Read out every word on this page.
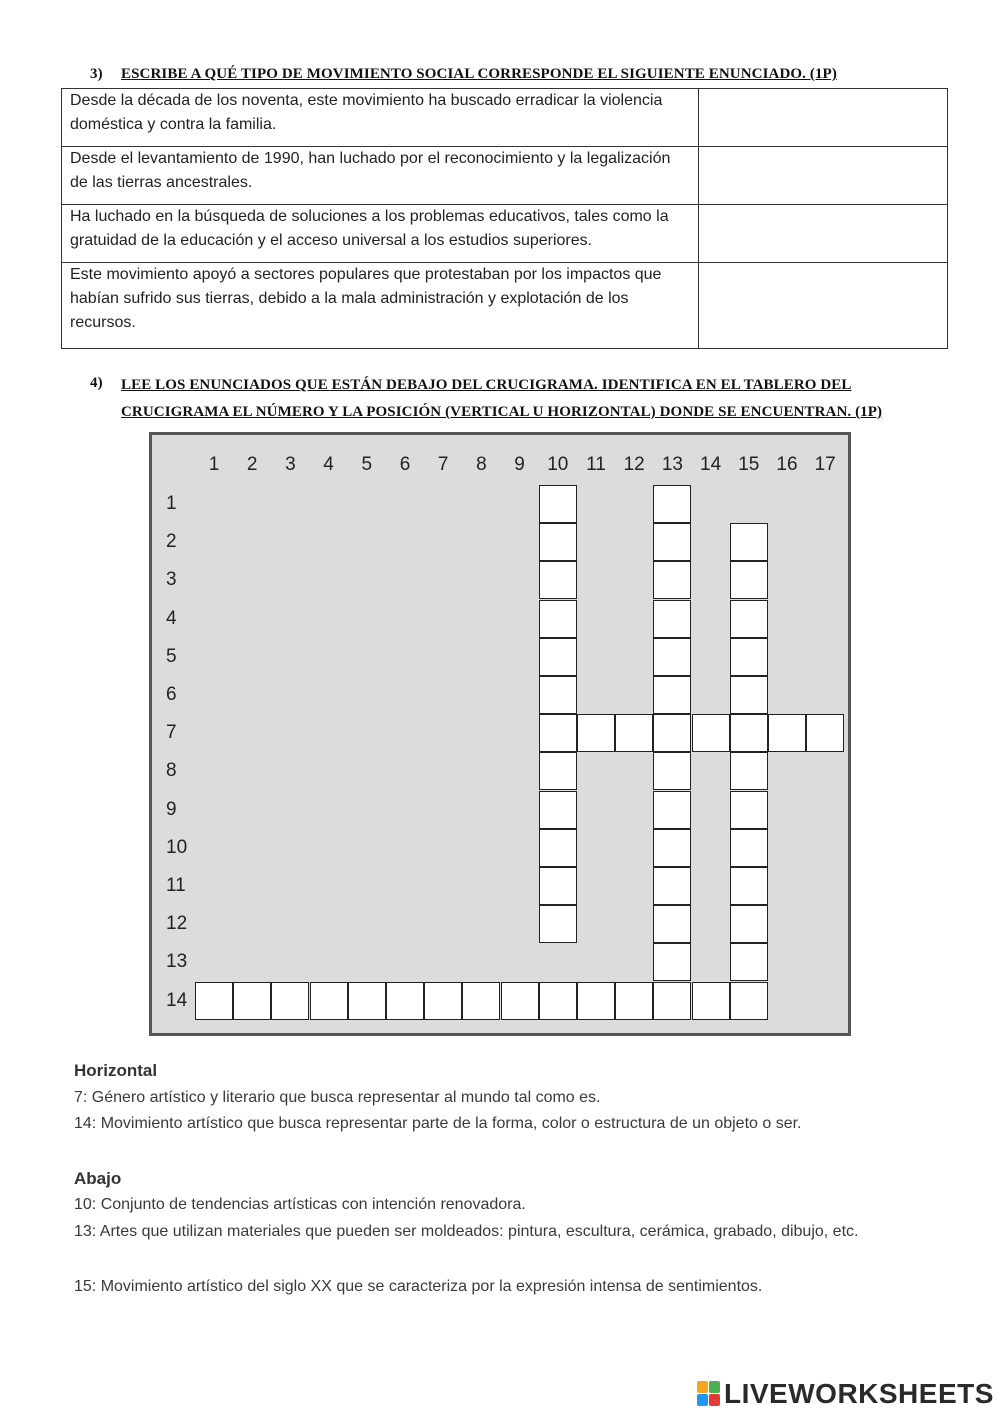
3) ESCRIBE A QUÉ TIPO DE MOVIMIENTO SOCIAL CORRESPONDE EL SIGUIENTE ENUNCIADO. (1P)
Desde la década de los noventa, este movimiento ha buscado erradicar la violencia doméstica y contra la familia.	
Desde el levantamiento de 1990, han luchado por el reconocimiento y la legalización de las tierras ancestrales.	
Ha luchado en la búsqueda de soluciones a los problemas educativos, tales como la gratuidad de la educación y el acceso universal a los estudios superiores.	
Este movimiento apoyó a sectores populares que protestaban por los impactos que habían sufrido sus tierras, debido a la mala administración y explotación de los recursos.	
4) LEE LOS ENUNCIADOS QUE ESTÁN DEBAJO DEL CRUCIGRAMA. IDENTIFICA EN EL TABLERO DEL CRUCIGRAMA EL NÚMERO Y LA POSICIÓN (VERTICAL U HORIZONTAL) DONDE SE ENCUENTRAN. (1P)
1	2	3	4	5	6	7	8	9	10 11 12 13 14 15 16 17
1
2
3
4
5
6
7
8
9
10
11
12
13
14
Horizontal
7: Género artístico y literario que busca representar al mundo tal como es.
14: Movimiento artístico que busca representar parte de la forma, color o estructura de un objeto o ser.
Abajo
10: Conjunto de tendencias artísticas con intención renovadora.
13: Artes que utilizan materiales que pueden ser moldeados: pintura, escultura, cerámica, grabado, dibujo, etc.
15: Movimiento artístico del siglo XX que se caracteriza por la expresión intensa de sentimientos.
LIVEWORKSHEETS
